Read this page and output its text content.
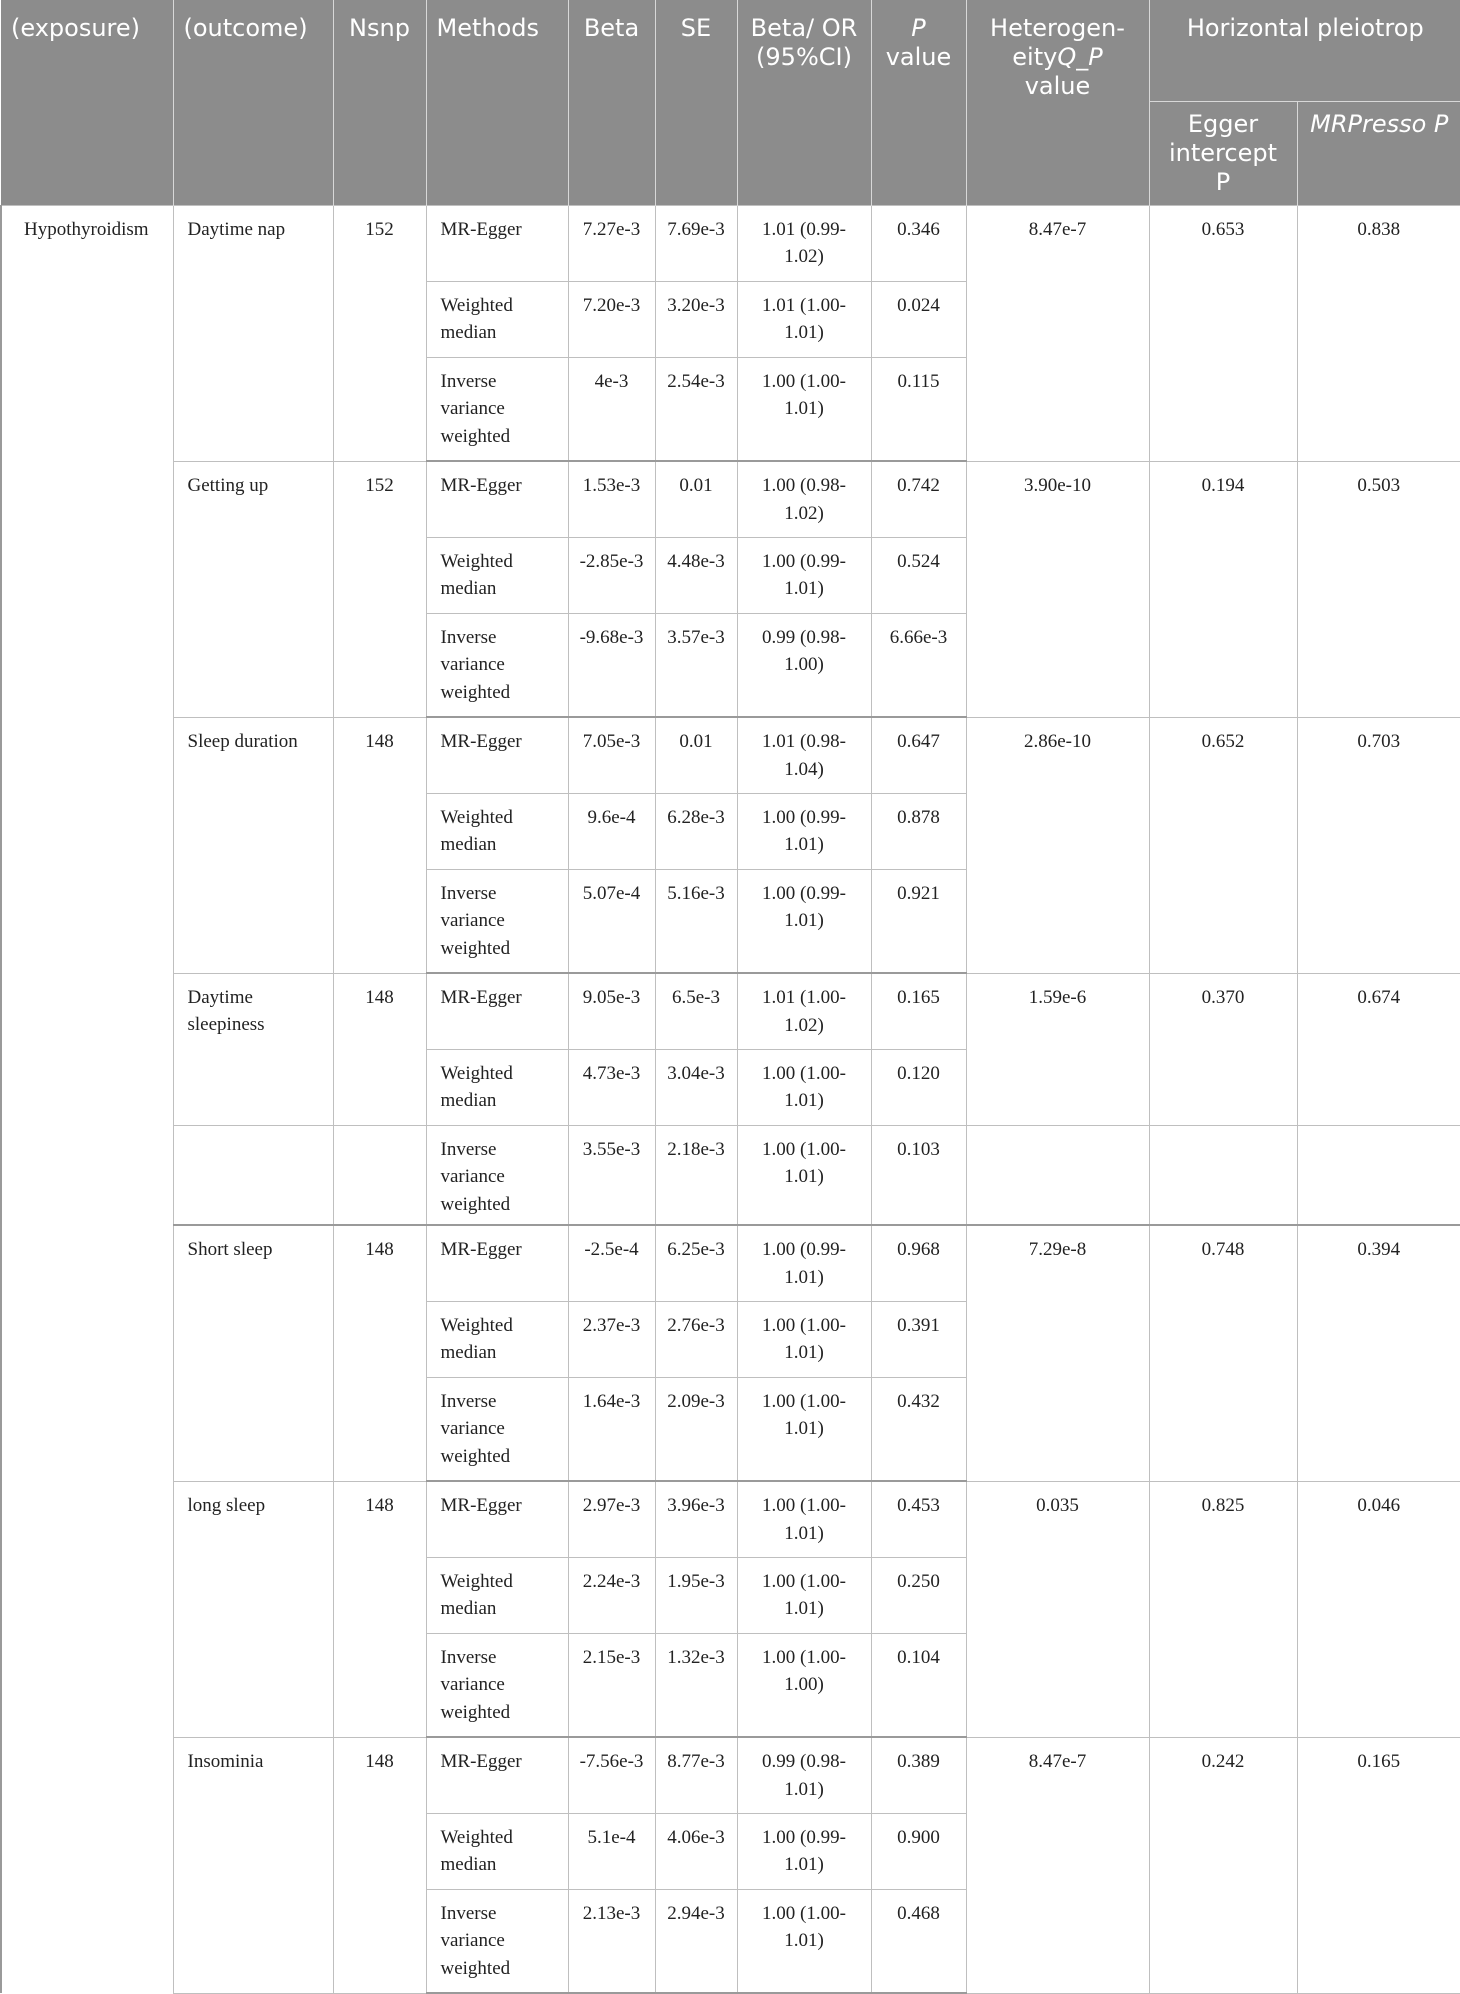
(exposure)	(outcome)	Nsnp	Methods	Beta	SE	Beta/ OR (95%CI)	P value	Heterogen-eityQ_P value	Horizontal pleiotrop	
									Egger intercept P	MRPresso P
Hypothyroidism	Daytime nap	152	MR-Egger	7.27e-3	7.69e-3	1.01 (0.99-1.02)	0.346	8.47e-7	0.653	0.838
			Weighted median	7.20e-3	3.20e-3	1.01 (1.00-1.01)	0.024			
			Inverse variance weighted	4e-3	2.54e-3	1.00 (1.00-1.01)	0.115			
	Getting up	152	MR-Egger	1.53e-3	0.01	1.00 (0.98-1.02)	0.742	3.90e-10	0.194	0.503
			Weighted median	-2.85e-3	4.48e-3	1.00 (0.99-1.01)	0.524			
			Inverse variance weighted	-9.68e-3	3.57e-3	0.99 (0.98-1.00)	6.66e-3			
	Sleep duration	148	MR-Egger	7.05e-3	0.01	1.01 (0.98-1.04)	0.647	2.86e-10	0.652	0.703
			Weighted median	9.6e-4	6.28e-3	1.00 (0.99-1.01)	0.878			
			Inverse variance weighted	5.07e-4	5.16e-3	1.00 (0.99-1.01)	0.921			
	Daytime sleepiness	148	MR-Egger	9.05e-3	6.5e-3	1.01 (1.00-1.02)	0.165	1.59e-6	0.370	0.674
			Weighted median	4.73e-3	3.04e-3	1.00 (1.00-1.01)	0.120			
			Inverse variance weighted	3.55e-3	2.18e-3	1.00 (1.00-1.01)	0.103			
	Short sleep	148	MR-Egger	-2.5e-4	6.25e-3	1.00 (0.99-1.01)	0.968	7.29e-8	0.748	0.394
			Weighted median	2.37e-3	2.76e-3	1.00 (1.00-1.01)	0.391			
			Inverse variance weighted	1.64e-3	2.09e-3	1.00 (1.00-1.01)	0.432			
	long sleep	148	MR-Egger	2.97e-3	3.96e-3	1.00 (1.00-1.01)	0.453	0.035	0.825	0.046
			Weighted median	2.24e-3	1.95e-3	1.00 (1.00-1.01)	0.250			
			Inverse variance weighted	2.15e-3	1.32e-3	1.00 (1.00-1.00)	0.104			
	Insominia	148	MR-Egger	-7.56e-3	8.77e-3	0.99 (0.98-1.01)	0.389	8.47e-7	0.242	0.165
			Weighted median	5.1e-4	4.06e-3	1.00 (0.99-1.01)	0.900			
			Inverse variance weighted	2.13e-3	2.94e-3	1.00 (1.00-1.01)	0.468			
